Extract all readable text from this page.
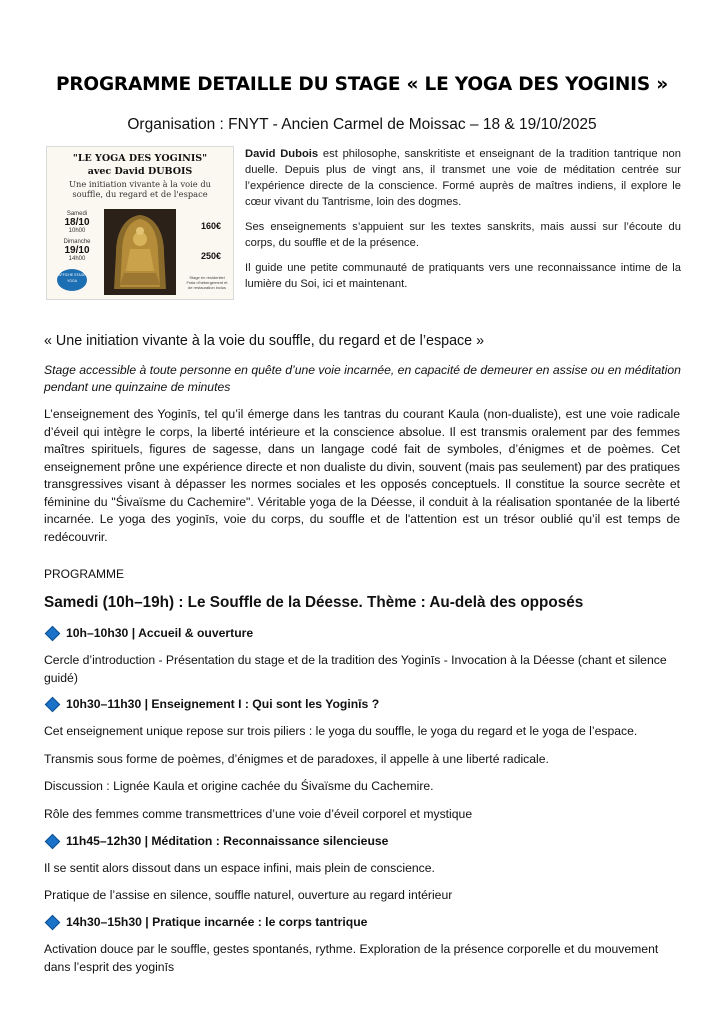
PROGRAMME DETAILLE DU STAGE « LE YOGA DES YOGINIS »
Organisation : FNYT - Ancien Carmel de Moissac – 18 & 19/10/2025
"LE YOGA DES YOGINIS"
avec David DUBOIS
Une initiation vivante à la voie du souffle, du regard et de l'espace
Samedi
18/10
10h00
Dimanche
19/10
14h00
160€
250€
AFFICHE STAGE YOGA
Stage en résidentiel Frais d'hébergement et de restauration inclus

David Dubois est philosophe, sanskritiste et enseignant de la tradition tantrique non duelle. Depuis plus de vingt ans, il transmet une voie de méditation centrée sur l’expérience directe de la conscience. Formé auprès de maîtres indiens, il explore le cœur vivant du Tantrisme, loin des dogmes.

Ses enseignements s’appuient sur les textes sanskrits, mais aussi sur l’écoute du corps, du souffle et de la présence.

Il guide une petite communauté de pratiquants vers une reconnaissance intime de la lumière du Soi, ici et maintenant.

« Une initiation vivante à la voie du souffle, du regard et de l’espace »
Stage accessible à toute personne en quête d’une voie incarnée, en capacité de demeurer en assise ou en méditation pendant une quinzaine de minutes
L’enseignement des Yoginīs, tel qu’il émerge dans les tantras du courant Kaula (non-dualiste), est une voie radicale d’éveil qui intègre le corps, la liberté intérieure et la conscience absolue. Il est transmis oralement par des femmes maîtres spirituels, figures de sagesse, dans un langage codé fait de symboles, d’énigmes et de poèmes. Cet enseignement prône une expérience directe et non dualiste du divin, souvent (mais pas seulement) par des pratiques transgressives visant à dépasser les normes sociales et les opposés conceptuels. Il constitue la source secrète et féminine du "Śivaïsme du Cachemire". Véritable yoga de la Déesse, il conduit à la réalisation spontanée de la liberté incarnée. Le yoga des yoginīs, voie du corps, du souffle et de l'attention est un trésor oublié qu’il est temps de redécouvrir.
PROGRAMME
Samedi (10h–19h) : Le Souffle de la Déesse. Thème : Au-delà des opposés
10h–10h30 | Accueil & ouverture
Cercle d’introduction - Présentation du stage et de la tradition des Yoginīs - Invocation à la Déesse (chant et silence guidé)
10h30–11h30 | Enseignement I : Qui sont les Yoginīs ?
Cet enseignement unique repose sur trois piliers : le yoga du souffle, le yoga du regard et le yoga de l’espace.
Transmis sous forme de poèmes, d’énigmes et de paradoxes, il appelle à une liberté radicale.
Discussion : Lignée Kaula et origine cachée du Śivaïsme du Cachemire.
Rôle des femmes comme transmettrices d’une voie d’éveil corporel et mystique
11h45–12h30 | Méditation : Reconnaissance silencieuse
Il se sentit alors dissout dans un espace infini, mais plein de conscience.
Pratique de l’assise en silence, souffle naturel, ouverture au regard intérieur
14h30–15h30 | Pratique incarnée : le corps tantrique
Activation douce par le souffle, gestes spontanés, rythme. Exploration de la présence corporelle et du mouvement dans l’esprit des yoginīs
